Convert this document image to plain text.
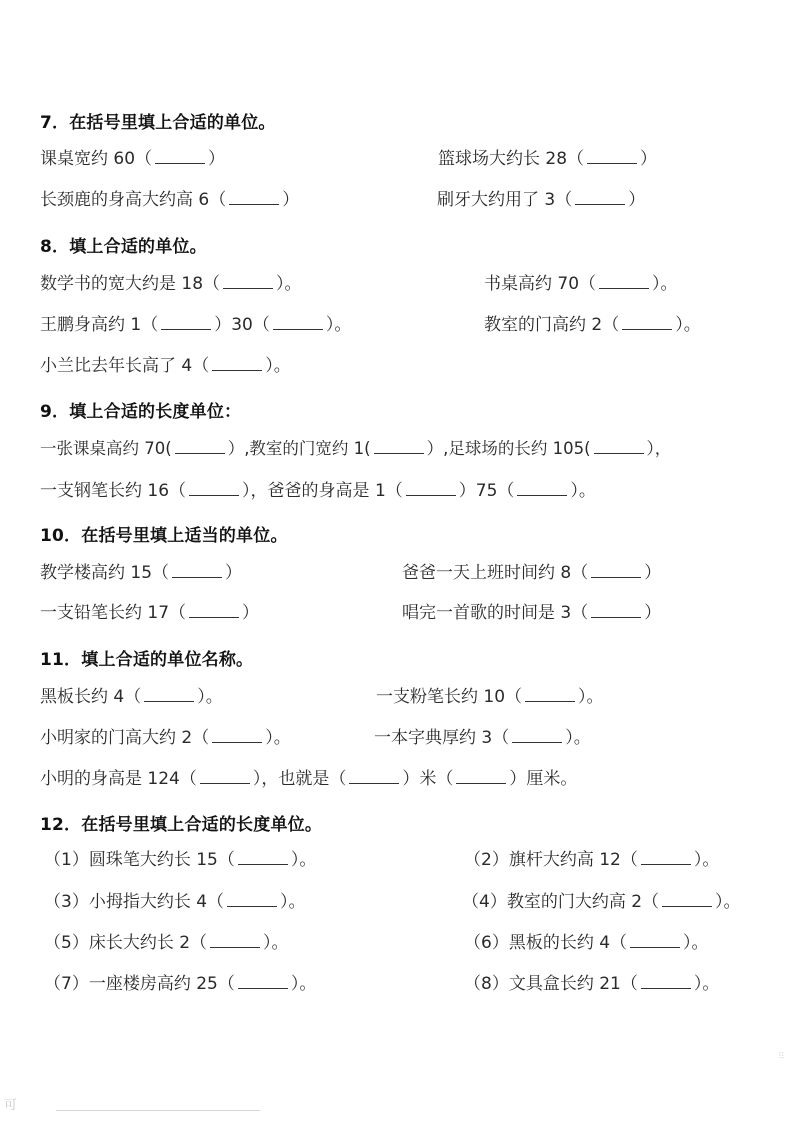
7．在括号里填上合适的单位。
课桌宽约 60（	）	篮球场大约长 28（	）
长颈鹿的身高大约高 6（	）	刷牙大约用了 3（	）
8．填上合适的单位。
数学书的宽大约是 18（	）。	书桌高约 70（	）。
王鹏身高约 1（	）30（	）。	教室的门高约 2（	）。
小兰比去年长高了 4（	）。
9．填上合适的长度单位：
一张课桌高约 70(	）,教室的门宽约 1(	）,足球场的长约 105(	），
一支钢笔长约 16（	），爸爸的身高是 1（	）75（	）。
10．在括号里填上适当的单位。
教学楼高约 15（	）	爸爸一天上班时间约 8（	）
一支铅笔长约 17（	）	唱完一首歌的时间是 3（	）
11．填上合适的单位名称。
黑板长约 4（	）。	一支粉笔长约 10（	）。
小明家的门高大约 2（	）。	一本字典厚约 3（	）。
小明的身高是 124（	），也就是（	）米（	）厘米。
12．在括号里填上合适的长度单位。
（1）圆珠笔大约长 15（	）。	（2）旗杆大约高 12（	）。
（3）小拇指大约长 4（	）。	（4）教室的门大约高 2（	）。
（5）床长大约长 2（	）。	（6）黑板的长约 4（	）。
（7）一座楼房高约 25（	）。	（8）文具盒长约 21（	）。
可
⠿
